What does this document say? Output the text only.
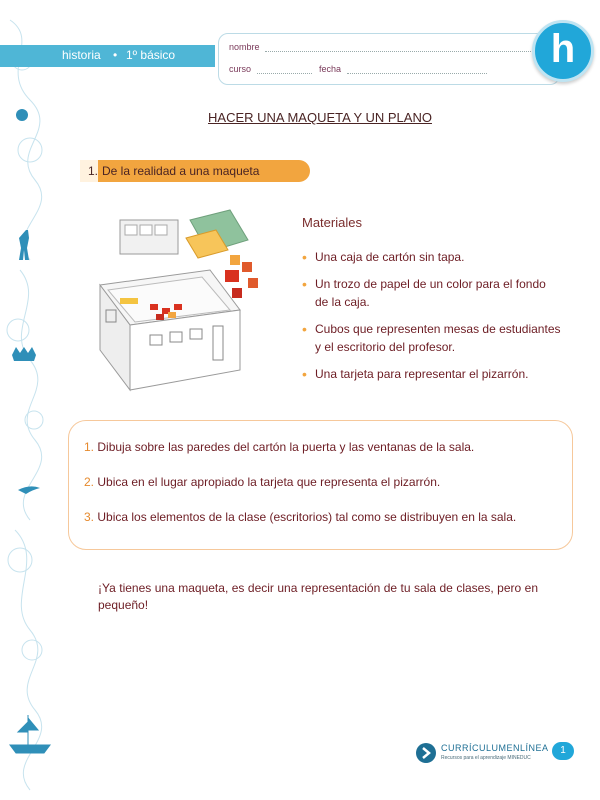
historia • 1º básico
nombre
curso	fecha	h
HACER UNA MAQUETA Y UN PLANO
1. De la realidad a una maqueta
Materiales
• Una caja de cartón sin tapa.
• Un trozo de papel de un color para el fondo de la caja.
• Cubos que representen mesas de estudiantes y el escritorio del profesor.
• Una tarjeta para representar el pizarrón.
1. Dibuja sobre las paredes del cartón la puerta y las ventanas de la sala.
2. Ubica en el lugar apropiado la tarjeta que representa el pizarrón.
3. Ubica los elementos de la clase (escritorios) tal como se distribuyen en la sala.
¡Ya tienes una maqueta, es decir una representación de tu sala de clases, pero en pequeño!
CURRÍCULUMENLÍNEA
Recursos para el aprendizaje MINEDUC
1
